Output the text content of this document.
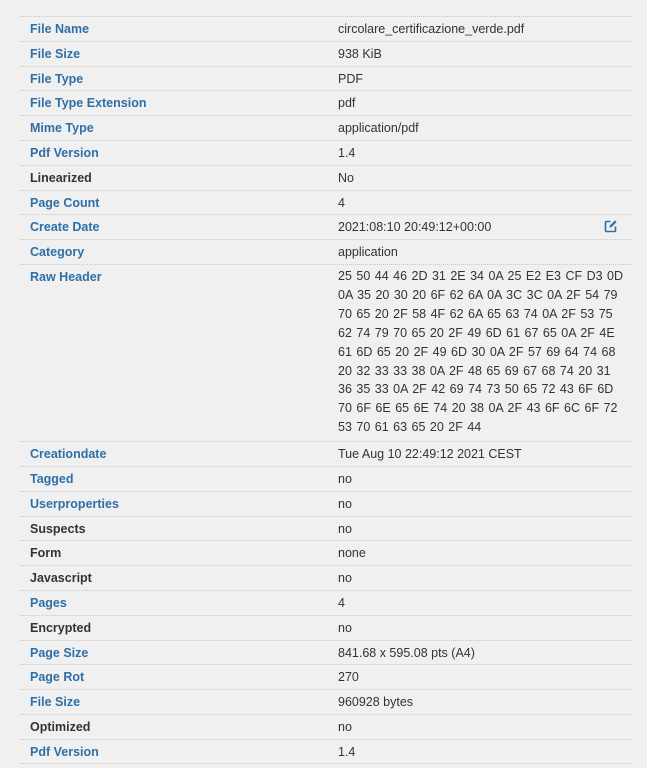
File Name	circolare_certificazione_verde.pdf
File Size	938 KiB
File Type	PDF
File Type Extension	pdf
Mime Type	application/pdf
Pdf Version	1.4
Linearized	No
Page Count	4
Create Date	2021:08:10 20:49:12+00:00
Category	application
Raw Header	25 50 44 46 2D 31 2E 34 0A 25 E2 E3 CF D3 0D 0A 35 20 30 20 6F 62 6A 0A 3C 3C 0A 2F 54 79 70 65 20 2F 58 4F 62 6A 65 63 74 0A 2F 53 75 62 74 79 70 65 20 2F 49 6D 61 67 65 0A 2F 4E 61 6D 65 20 2F 49 6D 30 0A 2F 57 69 64 74 68 20 32 33 33 38 0A 2F 48 65 69 67 68 74 20 31 36 35 33 0A 2F 42 69 74 73 50 65 72 43 6F 6D 70 6F 6E 65 6E 74 20 38 0A 2F 43 6F 6C 6F 72 53 70 61 63 65 20 2F 44
Creationdate	Tue Aug 10 22:49:12 2021 CEST
Tagged	no
Userproperties	no
Suspects	no
Form	none
Javascript	no
Pages	4
Encrypted	no
Page Size	841.68 x 595.08 pts (A4)
Page Rot	270
File Size	960928 bytes
Optimized	no
Pdf Version	1.4
